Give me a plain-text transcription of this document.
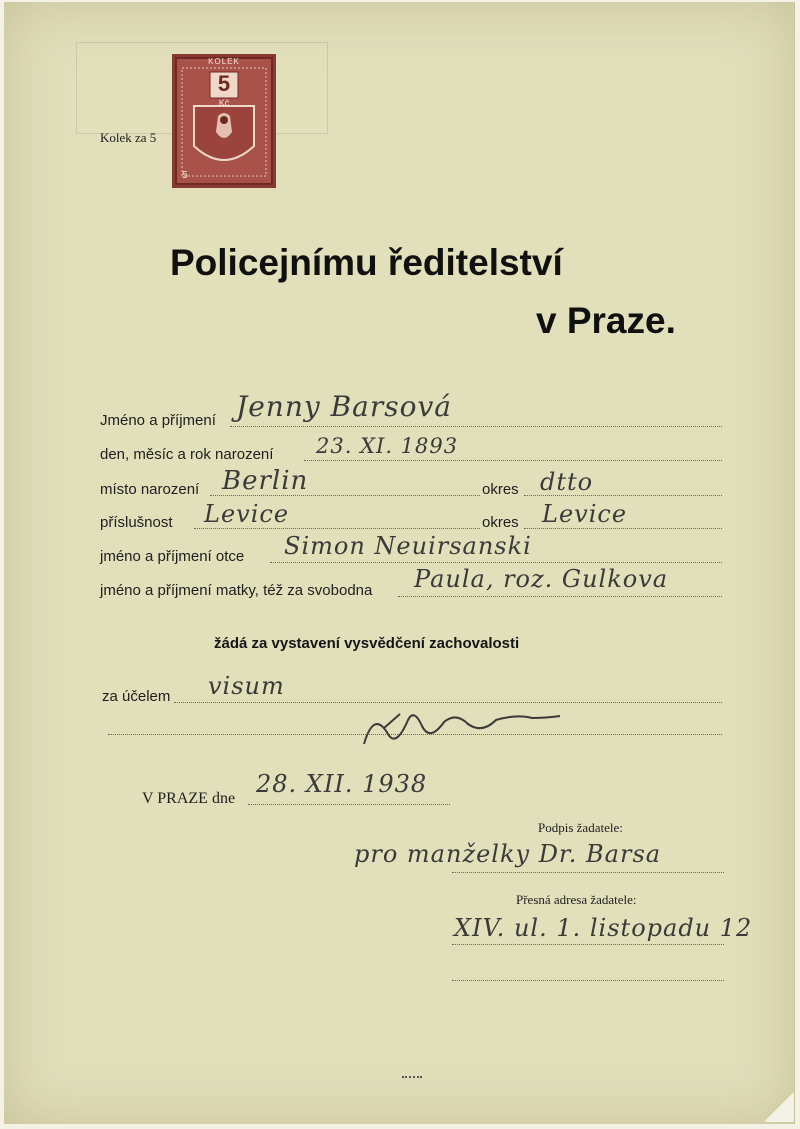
Kolek za 5
KOLEK
5
Kč
5
Policejnímu ředitelství
v Praze.
Jméno a příjmení Jenny Barsová
den, měsíc a rok narození 23. XI. 1893
místo narození Berlin	okres dtto
příslušnost Levice	okres Levice
jméno a příjmení otce Simon Neuirsanski
jméno a příjmení matky, též za svobodna Paula, roz. Gulkova
žádá za vystavení vysvědčení zachovalosti
za účelem visum
V PRAZE dne
28. XII. 1938
Podpis žadatele:
pro manželky Dr. Barsa
Přesná adresa žadatele:
XIV. ul. 1. listopadu 12
